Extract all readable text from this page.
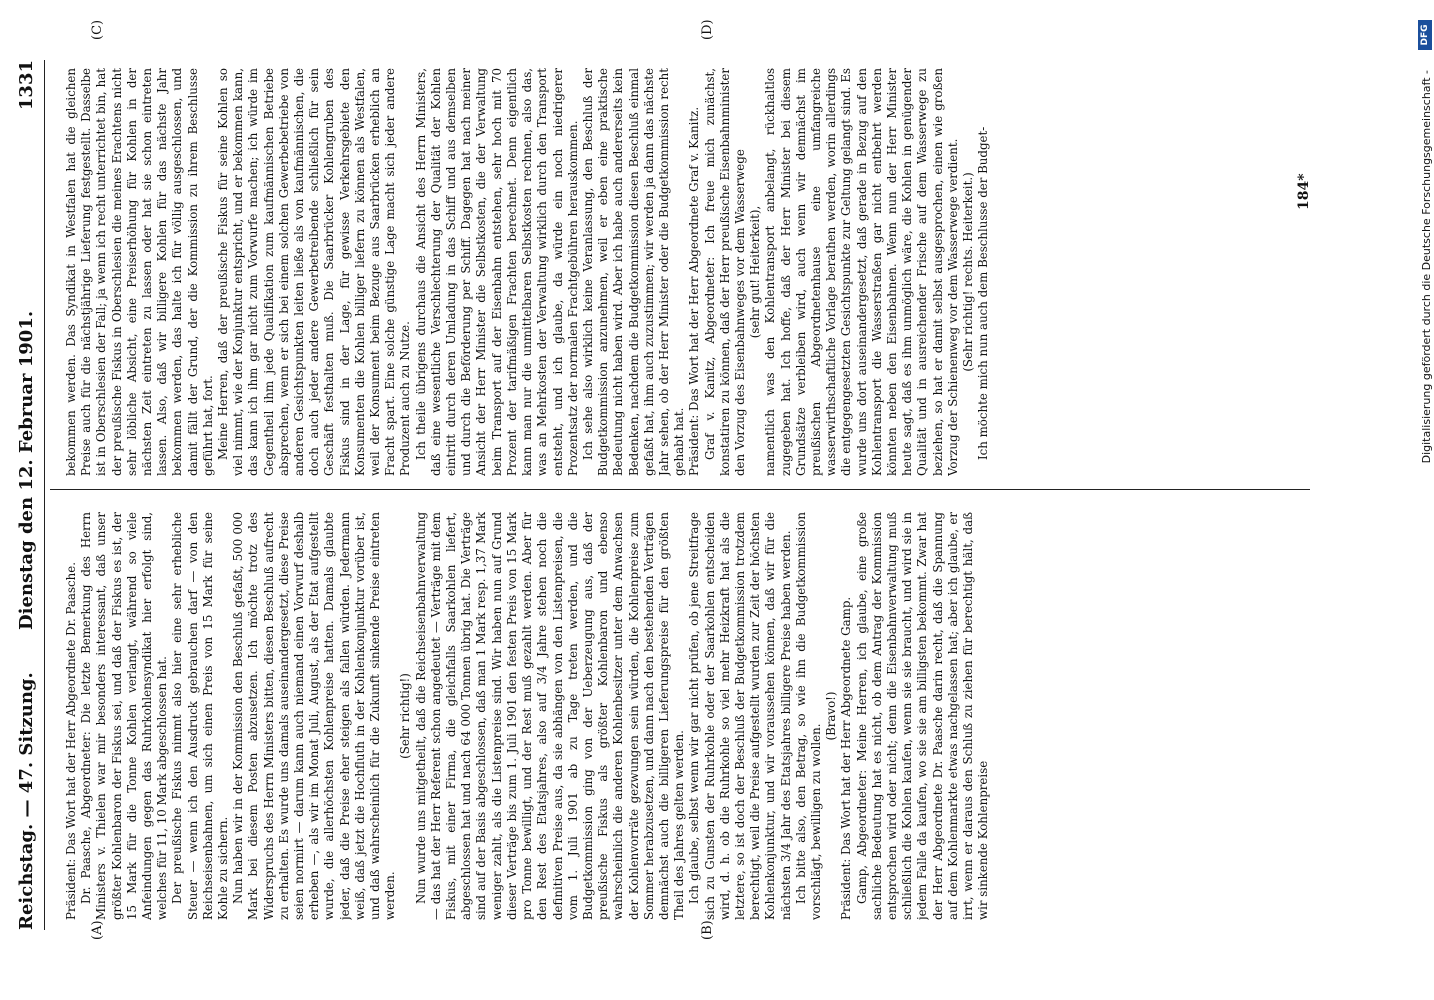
Reichstag. — 47. Sitzung.
Dienstag den 12. Februar 1901.
1331
(A)	(B)
(C)	(D)

Präsident: Das Wort hat der Herr Abgeordnete Dr. Paasche. Dr. Paasche, Abgeordneter: Die letzte Bemerkung des Herrn Ministers v. Thielen war mir besonders interessant, daß unser größter Kohlenbaron der Fiskus sei, und daß der Fiskus es ist, der 15 Mark für die Tonne Kohlen verlangt, während so viele Anfeindungen gegen das Ruhrkohlensyndikat hier erfolgt sind, welches für 11, 10 Mark abgeschlossen hat. Der preußische Fiskus nimmt also hier eine sehr erhebliche Steuer — wenn ich den Ausdruck gebrauchen darf — von den Reichseisenbahnen, um sich einen Preis von 15 Mark für seine Kohle zu sichern. Nun haben wir in der Kommission den Beschluß gefaßt, 500 000 Mark bei diesem Posten abzusetzen. Ich möchte trotz des Widerspruchs des Herrn Ministers bitten, diesen Beschluß aufrecht zu erhalten. Es wurde uns damals auseinandergesetzt, diese Preise seien normirt — darum kann auch niemand einen Vorwurf deshalb erheben —, als wir im Monat Juli, August, als der Etat aufgestellt wurde, die allerhöchsten Kohlenpreise hatten. Damals glaubte jeder, daß die Preise eher steigen als fallen würden. Jedermann weiß, daß jetzt die Hochfluth in der Kohlenkonjunktur vorüber ist, und daß wahrscheinlich für die Zukunft sinkende Preise eintreten werden.

(Sehr richtig!) Nun wurde uns mitgetheilt, daß die Reichseisenbahnverwaltung — das hat der Herr Referent schon angedeutet — Verträge mit dem Fiskus, mit einer Firma, die gleichfalls Saarkohlen liefert, abgeschlossen hat und nach 64 000 Tonnen übrig hat. Die Verträge sind auf der Basis abgeschlossen, daß man 1 Mark resp. 1,37 Mark weniger zahlt, als die Listenpreise sind. Wir haben nun auf Grund dieser Verträge bis zum 1. Juli 1901 den festen Preis von 15 Mark pro Tonne bewilligt, und der Rest muß gezahlt werden. Aber für den Rest des Etatsjahres, also auf 3/4 Jahre stehen noch die definitiven Preise aus, da sie abhängen von den Listenpreisen, die vom 1. Juli 1901 ab zu Tage treten werden, und die Budgetkommission ging von der Ueberzeugung aus, daß der preußische Fiskus als größter Kohlenbaron und ebenso wahrscheinlich die anderen Kohlenbesitzer unter dem Anwachsen der Kohlenvorräte gezwungen sein würden, die Kohlenpreise zum Sommer herabzusetzen, und dann nach den bestehenden Verträgen demnächst auch die billigeren Lieferungspreise für den größten Theil des Jahres gelten werden. Ich glaube, selbst wenn wir gar nicht prüfen, ob jene Streitfrage sich zu Gunsten der Ruhrkohle oder der Saarkohlen entscheiden wird, d. h. ob die Ruhrkohle so viel mehr Heizkraft hat als die letztere, so ist doch der Beschluß der Budgetkommission trotzdem berechtigt, weil die Preise aufgestellt wurden zur Zeit der höchsten Kohlenkonjunktur, und wir voraussehen können, daß wir für die nächsten 3/4 Jahr des Etatsjahres billigere Preise haben werden. Ich bitte also, den Betrag, so wie ihn die Budgetkommission vorschlägt, bewilligen zu wollen.

(Bravo!) Präsident: Das Wort hat der Herr Abgeordnete Gamp. Gamp, Abgeordneter: Meine Herren, ich glaube, eine große sachliche Bedeutung hat es nicht, ob dem Antrag der Kommission entsprochen wird oder nicht; denn die Eisenbahnverwaltung muß schließlich die Kohlen kaufen, wenn sie sie braucht, und wird sie in jedem Falle da kaufen, wo sie sie am billigsten bekommt. Zwar hat der Herr Abgeordnete Dr. Paasche darin recht, daß die Spannung auf dem Kohlenmarkte etwas nachgelassen hat; aber ich glaube, er irrt, wenn er daraus den Schluß zu ziehen für berechtigt hält, daß wir sinkende Kohlenpreise

bekommen werden. Das Syndikat in Westfalen hat die gleichen Preise auch für die nächstjährige Lieferung festgestellt. Dasselbe ist in Oberschlesien der Fall; ja wenn ich recht unterrichtet bin, hat der preußische Fiskus in Oberschlesien die meines Erachtens nicht sehr löbliche Absicht, eine Preiserhöhung für Kohlen in der nächsten Zeit eintreten zu lassen oder hat sie schon eintreten lassen. Also, daß wir billigere Kohlen für das nächste Jahr bekommen werden, das halte ich für völlig ausgeschlossen, und damit fällt der Grund, der die Kommission zu ihrem Beschlusse geführt hat, fort. Meine Herren, daß der preußische Fiskus für seine Kohlen so viel nimmt, wie der Konjunktur entspricht, und er bekommen kann, das kann ich ihm gar nicht zum Vorwurfe machen; ich würde im Gegentheil ihm jede Qualifikation zum kaufmännischen Betriebe absprechen, wenn er sich bei einem solchen Gewerbebetriebe von anderen Gesichtspunkten leiten ließe als von kaufmännischen, die doch auch jeder andere Gewerbetreibende schließlich für sein Geschäft festhalten muß. Die Saarbrücker Kohlengruben des Fiskus sind in der Lage, für gewisse Verkehrsgebiete den Konsumenten die Kohlen billiger liefern zu können als Westfalen, weil der Konsument beim Bezuge aus Saarbrücken erheblich an Fracht spart. Eine solche günstige Lage macht sich jeder andere Produzent auch zu Nutze. Ich theile übrigens durchaus die Ansicht des Herrn Ministers, daß eine wesentliche Verschlechterung der Qualität der Kohlen eintritt durch deren Umladung in das Schiff und aus demselben und durch die Beförderung per Schiff. Dagegen hat nach meiner Ansicht der Herr Minister die Selbstkosten, die der Verwaltung beim Transport auf der Eisenbahn entstehen, sehr hoch mit 70 Prozent der tarifmäßigen Frachten berechnet. Denn eigentlich kann man nur die unmittelbaren Selbstkosten rechnen, also das, was an Mehrkosten der Verwaltung wirklich durch den Transport entsteht, und ich glaube, da würde ein noch niedrigerer Prozentsatz der normalen Frachtgebühren herauskommen. Ich sehe also wirklich keine Veranlassung, den Beschluß der Budgetkommission anzunehmen, weil er eben eine praktische Bedeutung nicht haben wird. Aber ich habe auch andererseits kein Bedenken, nachdem die Budgetkommission diesen Beschluß einmal gefaßt hat, ihm auch zuzustimmen; wir werden ja dann das nächste Jahr sehen, ob der Herr Minister oder die Budgetkommission recht gehabt hat. Präsident: Das Wort hat der Herr Abgeordnete Graf v. Kanitz. Graf v. Kanitz, Abgeordneter: Ich freue mich zunächst, konstatiren zu können, daß der Herr preußische Eisenbahnminister den Vorzug des Eisenbahnweges vor dem Wasserwege (sehr gut! Heiterkeit), namentlich was den Kohlentransport anbelangt, rückhaltlos zugegeben hat. Ich hoffe, daß der Herr Minister bei diesem Grundsätze verbleiben wird, auch wenn wir demnächst im preußischen Abgeordnetenhause eine umfangreiche wasserwirthschaftliche Vorlage berathen werden, worin allerdings die entgegengesetzten Gesichtspunkte zur Geltung gelangt sind. Es wurde uns dort auseinandergesetzt, daß gerade in Bezug auf den Kohlentransport die Wasserstraßen gar nicht entbehrt werden könnten neben den Eisenbahnen. Wenn nun der Herr Minister heute sagt, daß es ihm unmöglich wäre, die Kohlen in genügender Qualität und in ausreichender Frische auf dem Wasserwege zu beziehen, so hat er damit selbst ausgesprochen, einen wie großen Vorzug der Schienenweg vor dem Wasserwege verdient. (Sehr richtig! rechts. Heiterkeit.) Ich möchte mich nun auch dem Beschlusse der Budget-	184*	Digitalisierung gefördert durch die Deutsche Forschungsgemeinschaft -
DFG
